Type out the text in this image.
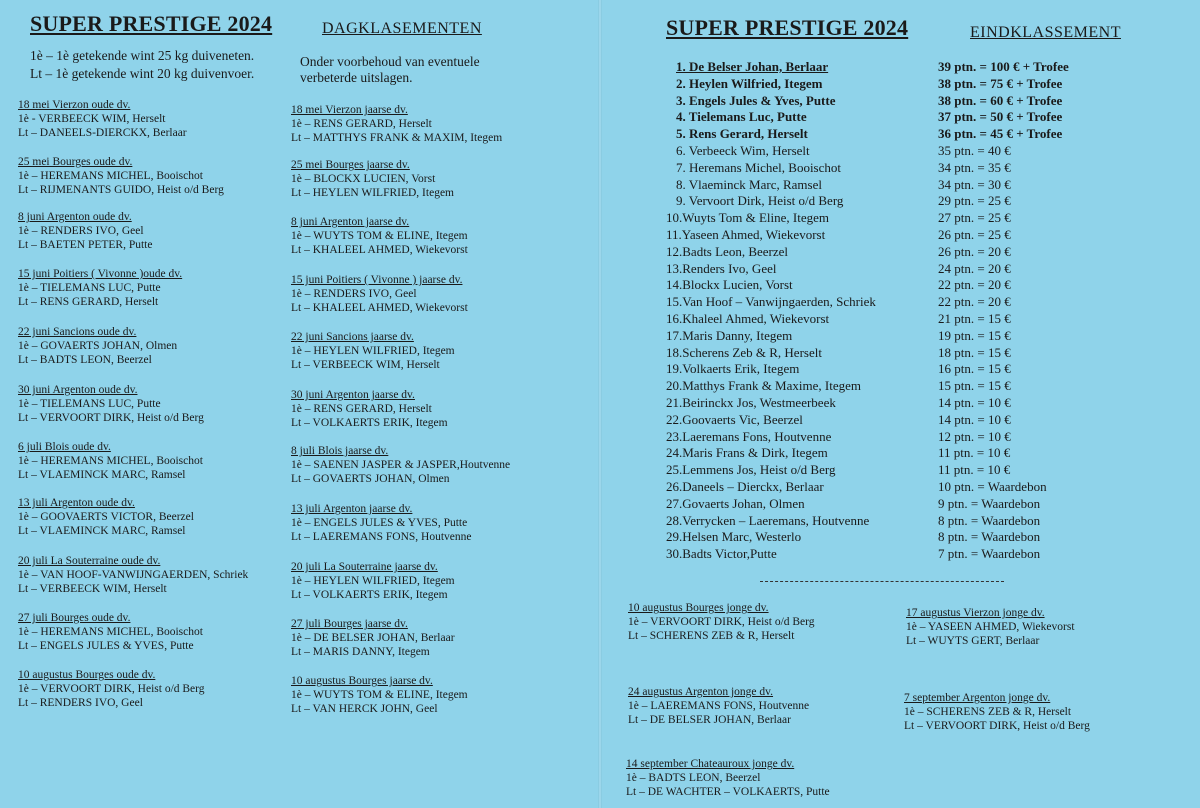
SUPER PRESTIGE 2024	DAGKLASEMENTEN
1è – 1è getekende wint 25 kg duiveneten.
Lt – 1è getekende wint 20 kg duivenvoer.
Onder voorbehoud van eventuele
verbeterde uitslagen.
18 mei Vierzon oude dv.
1è - VERBEECK WIM, Herselt
Lt – DANEELS-DIERCKX, Berlaar
25 mei Bourges oude dv.
1è – HEREMANS MICHEL, Booischot
Lt – RIJMENANTS GUIDO, Heist o/d Berg
8 juni Argenton oude dv.
1è – RENDERS IVO, Geel
Lt – BAETEN PETER, Putte
15 juni Poitiers ( Vivonne )oude dv.
1è – TIELEMANS LUC, Putte
Lt – RENS GERARD, Herselt
22 juni Sancions oude dv.
1è – GOVAERTS JOHAN, Olmen
Lt – BADTS LEON, Beerzel
30 juni Argenton oude dv.
1è – TIELEMANS LUC, Putte
Lt – VERVOORT DIRK, Heist o/d Berg
6 juli Blois oude dv.
1è – HEREMANS MICHEL, Booischot
Lt – VLAEMINCK MARC, Ramsel
13 juli Argenton oude dv.
1è – GOOVAERTS VICTOR, Beerzel
Lt – VLAEMINCK MARC, Ramsel
20 juli La Souterraine oude dv.
1è – VAN HOOF-VANWIJNGAERDEN, Schriek
Lt – VERBEECK WIM, Herselt
27 juli Bourges oude dv.
1è – HEREMANS MICHEL, Booischot
Lt – ENGELS JULES & YVES, Putte
10 augustus Bourges oude dv.
1è – VERVOORT DIRK, Heist o/d Berg
Lt – RENDERS IVO, Geel
18 mei Vierzon jaarse dv.
1è – RENS GERARD, Herselt
Lt – MATTHYS FRANK & MAXIM, Itegem
25 mei Bourges jaarse dv.
1è – BLOCKX LUCIEN, Vorst
Lt – HEYLEN WILFRIED, Itegem
8 juni Argenton jaarse dv.
1è – WUYTS TOM & ELINE, Itegem
Lt – KHALEEL AHMED, Wiekevorst
15 juni Poitiers ( Vivonne ) jaarse dv.
1è – RENDERS IVO, Geel
Lt – KHALEEL AHMED, Wiekevorst
22 juni Sancions jaarse dv.
1è – HEYLEN WILFRIED, Itegem
Lt – VERBEECK WIM, Herselt
30 juni Argenton jaarse dv.
1è – RENS GERARD, Herselt
Lt – VOLKAERTS ERIK, Itegem
8 juli Blois jaarse dv.
1è – SAENEN JASPER & JASPER,Houtvenne
Lt – GOVAERTS JOHAN, Olmen
13 juli Argenton jaarse dv.
1è – ENGELS JULES & YVES, Putte
Lt – LAEREMANS FONS, Houtvenne
20 juli La Souterraine jaarse dv.
1è – HEYLEN WILFRIED, Itegem
Lt – VOLKAERTS ERIK, Itegem
27 juli Bourges jaarse dv.
1è – DE BELSER JOHAN, Berlaar
Lt – MARIS DANNY, Itegem
10 augustus Bourges jaarse dv.
1è – WUYTS TOM & ELINE, Itegem
Lt – VAN HERCK JOHN, Geel
SUPER PRESTIGE 2024	EINDKLASSEMENT
1. De Belser Johan, Berlaar
2. Heylen Wilfried, Itegem
3. Engels Jules & Yves, Putte
4. Tielemans Luc, Putte
5. Rens Gerard, Herselt
6. Verbeeck Wim, Herselt
7. Heremans Michel, Booischot
8. Vlaeminck Marc, Ramsel
9. Vervoort Dirk, Heist o/d Berg
10.Wuyts Tom & Eline, Itegem
11.Yaseen Ahmed, Wiekevorst
12.Badts Leon, Beerzel
13.Renders Ivo, Geel
14.Blockx Lucien, Vorst
15.Van Hoof – Vanwijngaerden, Schriek
16.Khaleel Ahmed, Wiekevorst
17.Maris Danny, Itegem
18.Scherens Zeb & R, Herselt
19.Volkaerts Erik, Itegem
20.Matthys Frank & Maxime, Itegem
21.Beirinckx Jos, Westmeerbeek
22.Goovaerts Vic, Beerzel
23.Laeremans Fons, Houtvenne
24.Maris Frans & Dirk, Itegem
25.Lemmens Jos, Heist o/d Berg
26.Daneels – Dierckx, Berlaar
27.Govaerts Johan, Olmen
28.Verrycken – Laeremans, Houtvenne
29.Helsen Marc, Westerlo
30.Badts Victor,Putte
39 ptn. = 100 € + Trofee
38 ptn. = 75 € + Trofee
38 ptn. = 60 € + Trofee
37 ptn. = 50 € + Trofee
36 ptn. = 45 € + Trofee
35 ptn. = 40 €
34 ptn. = 35 €
34 ptn. = 30 €
29 ptn. = 25 €
27 ptn. = 25 €
26 ptn. = 25 €
26 ptn. = 20 €
24 ptn. = 20 €
22 ptn. = 20 €
22 ptn. = 20 €
21 ptn. = 15 €
19 ptn. = 15 €
18 ptn. = 15 €
16 ptn. = 15 €
15 ptn. = 15 €
14 ptn. = 10 €
14 ptn. = 10 €
12 ptn. = 10 €
11 ptn. = 10 €
11 ptn. = 10 €
10 ptn. = Waardebon
9 ptn. = Waardebon
8 ptn. = Waardebon
8 ptn. = Waardebon
7 ptn. = Waardebon
10 augustus Bourges jonge dv.
1è – VERVOORT DIRK, Heist o/d Berg
Lt – SCHERENS ZEB & R, Herselt
17 augustus Vierzon jonge dv.
1è – YASEEN AHMED, Wiekevorst
Lt – WUYTS GERT, Berlaar
24 augustus Argenton jonge dv.
1è – LAEREMANS FONS, Houtvenne
Lt – DE BELSER JOHAN, Berlaar
7 september Argenton jonge dv.
1è – SCHERENS ZEB & R, Herselt
Lt – VERVOORT DIRK, Heist o/d Berg
14 september Chateauroux jonge dv.
1è – BADTS LEON, Beerzel
Lt – DE WACHTER – VOLKAERTS, Putte
